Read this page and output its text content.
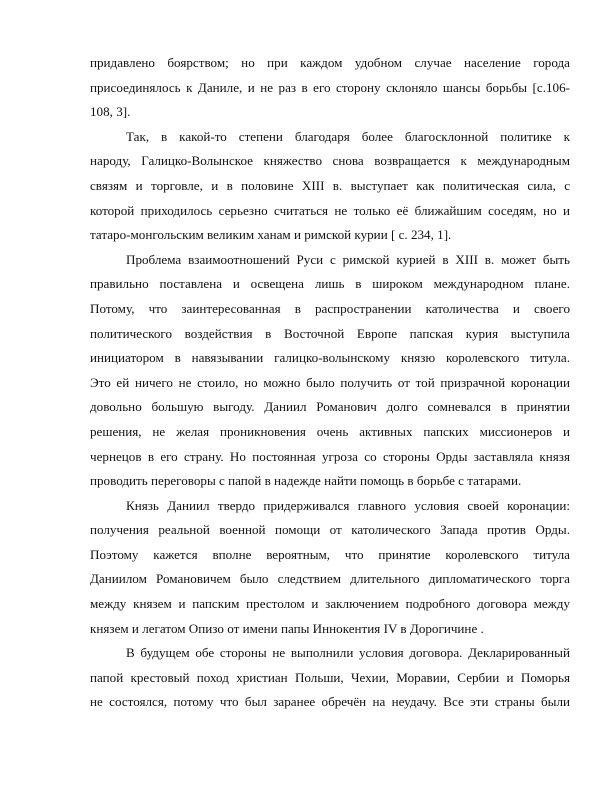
придавлено боярством; но при каждом удобном случае население города
присоединялось к Даниле, и не раз в его сторону склоняло шансы борьбы [с.106-
108, 3].
Так, в какой-то степени благодаря более благосклонной политике к
народу, Галицко-Волынское княжество снова возвращается к международным
связям и торговле, и в половине XIII в. выступает как политическая сила, с
которой приходилось серьезно считаться не только её ближайшим соседям, но и
татаро-монгольским великим ханам и римской курии [ с. 234, 1].
Проблема взаимоотношений Руси с римской курией в XIII в. может быть
правильно поставлена и освещена лишь в широком международном плане.
Потому, что заинтересованная в распространении католичества и своего
политического воздействия в Восточной Европе папская курия выступила
инициатором в навязывании галицко-волынскому князю королевского титула.
Это ей ничего не стоило, но можно было получить от той призрачной коронации
довольно большую выгоду. Даниил Романович долго сомневался в принятии
решения, не желая проникновения очень активных папских миссионеров и
чернецов в его страну. Но постоянная угроза со стороны Орды заставляла князя
проводить переговоры с папой в надежде найти помощь в борьбе с татарами.
Князь Даниил твердо придерживался главного условия своей коронации:
получения реальной военной помощи от католического Запада против Орды.
Поэтому кажется вполне вероятным, что принятие королевского титула
Даниилом Романовичем было следствием длительного дипломатического торга
между князем и папским престолом и заключением подробного договора между
князем и легатом Опизо от имени папы Иннокентия IV в Дорогичине .
В будущем обе стороны не выполнили условия договора. Декларированный
папой крестовый поход христиан Польши, Чехии, Моравии, Сербии и Поморья
не состоялся, потому что был заранее обречён на неудачу. Все эти страны были
